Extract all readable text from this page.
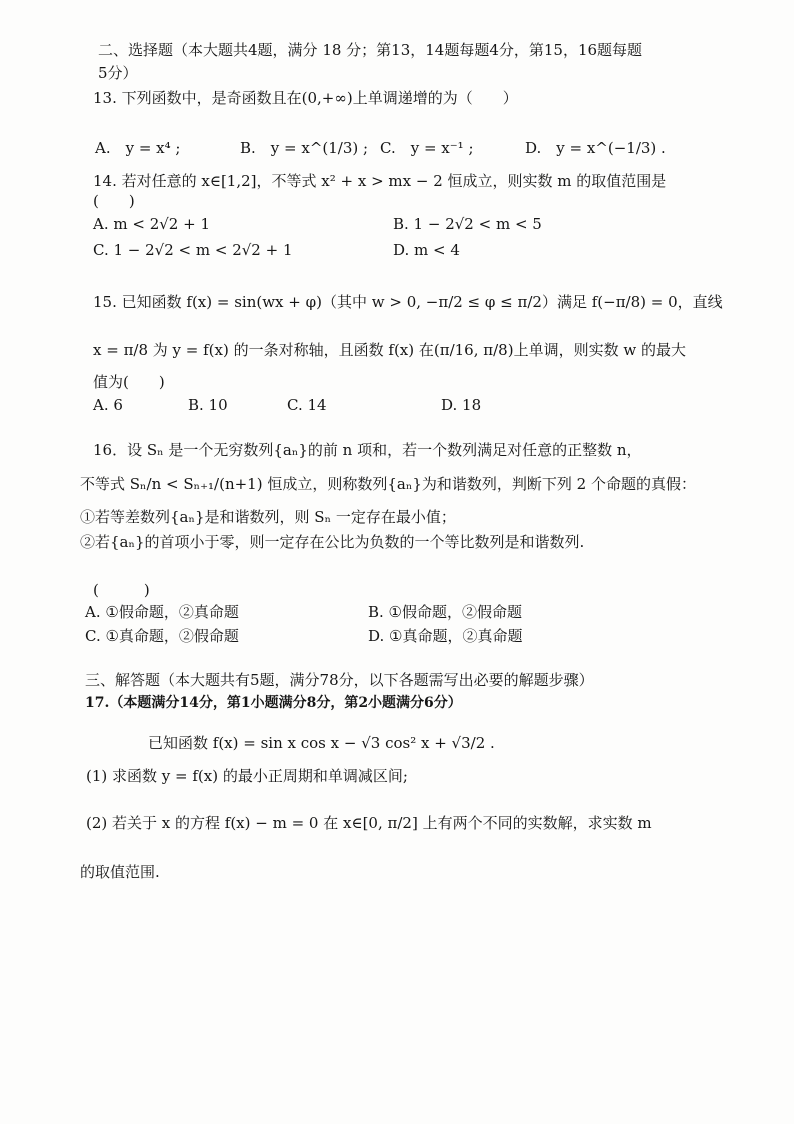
二、选择题（本大题共4题，满分 18 分；第13，14题每题4分，第15，16题每题
5分）
13. 下列函数中，是奇函数且在(0,+∞)上单调递增的为（　　）
A.　y = x⁴ ;	B.　y = x^(1/3) ; C.　y = x⁻¹ ;	D.　y = x^(−1/3) .
14. 若对任意的 x∈[1,2]，不等式 x² + x > mx − 2 恒成立，则实数 m 的取值范围是
(　　)
A. m < 2√2 + 1	B. 1 − 2√2 < m < 5
C. 1 − 2√2 < m < 2√2 + 1	D. m < 4
15. 已知函数 f(x) = sin(wx + φ)（其中 w > 0, −π/2 ≤ φ ≤ π/2）满足 f(−π/8) = 0，直线
x = π/8 为 y = f(x) 的一条对称轴，且函数 f(x) 在(π/16, π/8)上单调，则实数 w 的最大
值为(　　)
A. 6	B. 10	C. 14	D. 18
16．设 Sₙ 是一个无穷数列{aₙ}的前 n 项和，若一个数列满足对任意的正整数 n，
不等式 Sₙ/n < Sₙ₊₁/(n+1) 恒成立，则称数列{aₙ}为和谐数列，判断下列 2 个命题的真假：
①若等差数列{aₙ}是和谐数列，则 Sₙ 一定存在最小值；
②若{aₙ}的首项小于零，则一定存在公比为负数的一个等比数列是和谐数列.
(　　　)
A. ①假命题，②真命题	B. ①假命题，②假命题
C. ①真命题，②假命题	D. ①真命题，②真命题
三、解答题（本大题共有5题，满分78分，以下各题需写出必要的解题步骤）
17.（本题满分14分，第1小题满分8分，第2小题满分6分）
已知函数 f(x) = sin x cos x − √3 cos² x + √3/2 .
(1) 求函数 y = f(x) 的最小正周期和单调减区间;
(2) 若关于 x 的方程 f(x) − m = 0 在 x∈[0, π/2] 上有两个不同的实数解，求实数 m
的取值范围.
